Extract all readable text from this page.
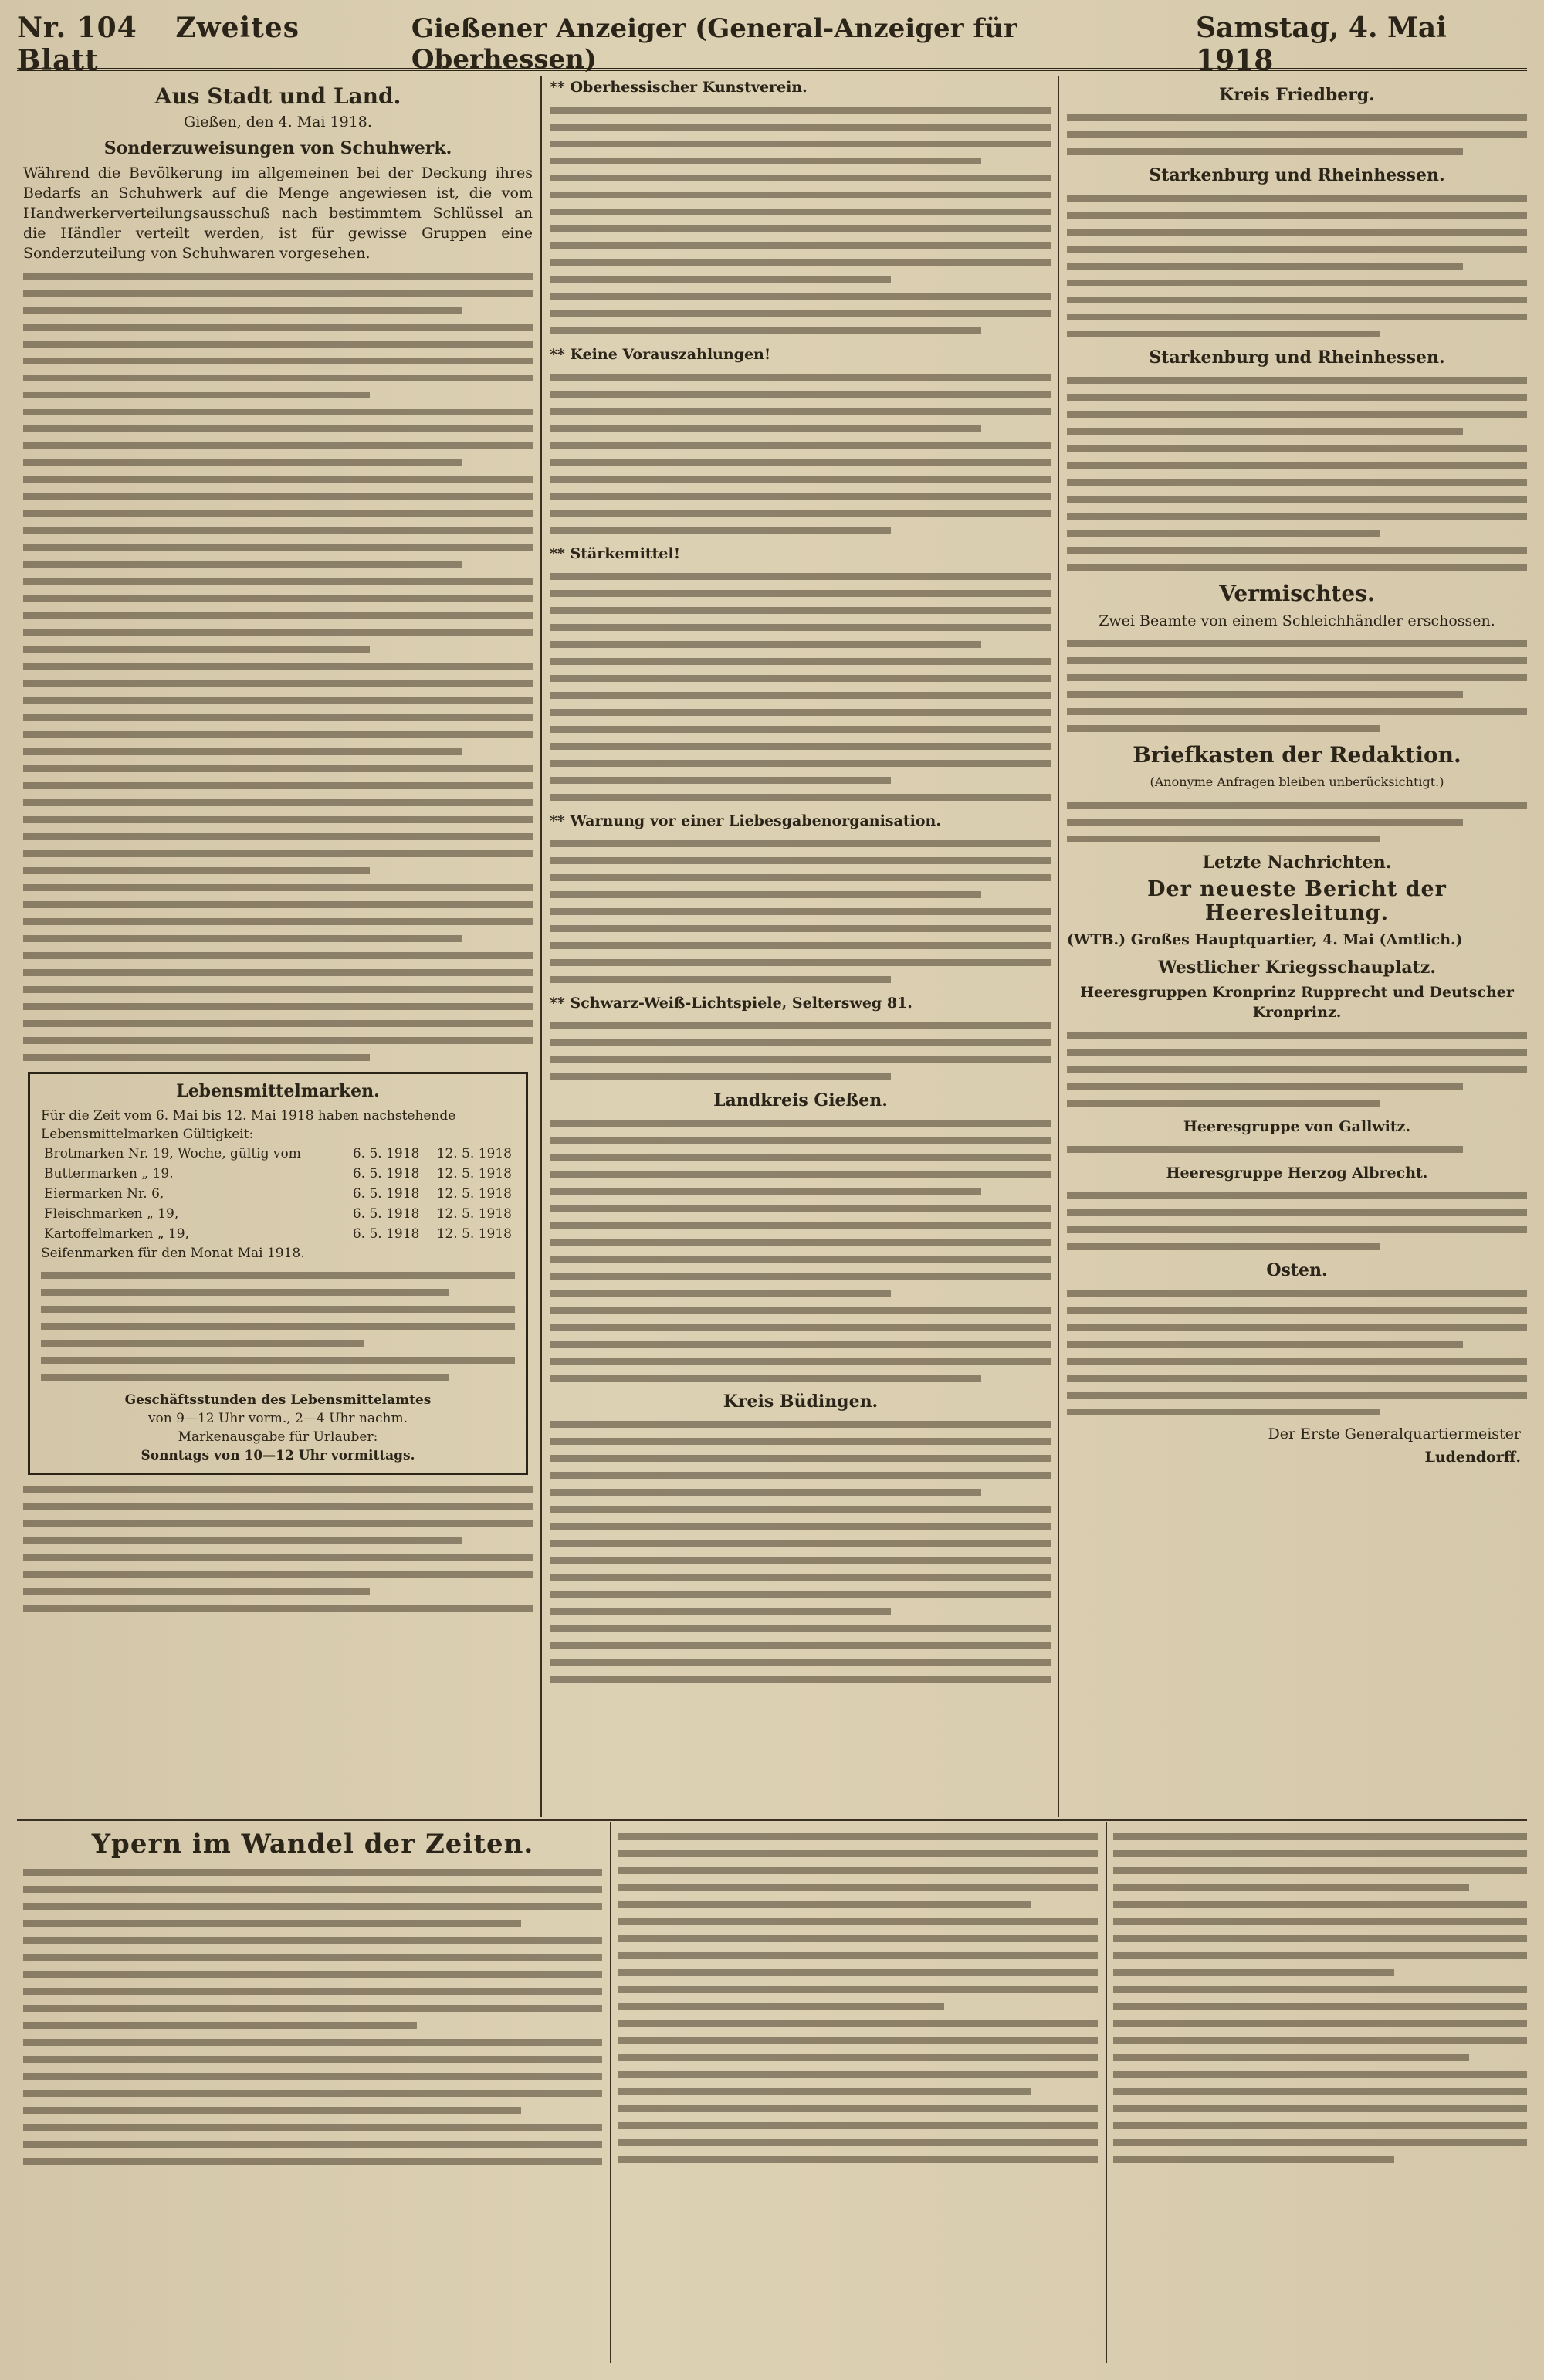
Nr. 104 Zweites Blatt
Gießener Anzeiger (General-Anzeiger für Oberhessen)
Samstag, 4. Mai 1918
Aus Stadt und Land.
Gießen, den 4. Mai 1918.
Sonderzuweisungen von Schuhwerk.

Während die Bevölkerung im allgemeinen bei der Deckung ihres Bedarfs an Schuhwerk auf die Menge angewiesen ist, die vom Handwerkerverteilungsausschuß nach bestimmtem Schlüssel an die Händler verteilt werden, ist für gewisse Gruppen eine Sonderzuteilung von Schuhwaren vorgesehen.

Lebensmittelmarken.

Für die Zeit vom 6. Mai bis 12. Mai 1918 haben nachstehende Lebensmittelmarken Gültigkeit:

Brotmarken Nr. 19, Woche, gültig vom	6. 5. 1918	12. 5. 1918
Buttermarken „ 19.	6. 5. 1918	12. 5. 1918
Eiermarken Nr. 6,	6. 5. 1918	12. 5. 1918
Fleischmarken „ 19,	6. 5. 1918	12. 5. 1918
Kartoffelmarken „ 19,	6. 5. 1918	12. 5. 1918

Seifenmarken für den Monat Mai 1918.

Geschäftsstunden des Lebensmittelamtes

von 9—12 Uhr vorm., 2—4 Uhr nachm.

Markenausgabe für Urlauber:

Sonntags von 10—12 Uhr vormittags.

** Oberhessischer Kunstverein.

** Keine Vorauszahlungen!

** Stärkemittel!

** Warnung vor einer Liebesgabenorganisation.

** Schwarz-Weiß-Lichtspiele, Seltersweg 81.

Landkreis Gießen.
Kreis Büdingen.
Kreis Friedberg.
Starkenburg und Rheinhessen.
Starkenburg und Rheinhessen.
Vermischtes.

Zwei Beamte von einem Schleichhändler erschossen.

Briefkasten der Redaktion.

(Anonyme Anfragen bleiben unberücksichtigt.)

Letzte Nachrichten.
Der neueste Bericht der Heeresleitung.

(WTB.) Großes Hauptquartier, 4. Mai (Amtlich.)

Westlicher Kriegsschauplatz.

Heeresgruppen Kronprinz Rupprecht und Deutscher Kronprinz.

Heeresgruppe von Gallwitz.

Heeresgruppe Herzog Albrecht.

Osten.
Der Erste Generalquartiermeister
Ludendorff.
Ypern im Wandel der Zeiten.
